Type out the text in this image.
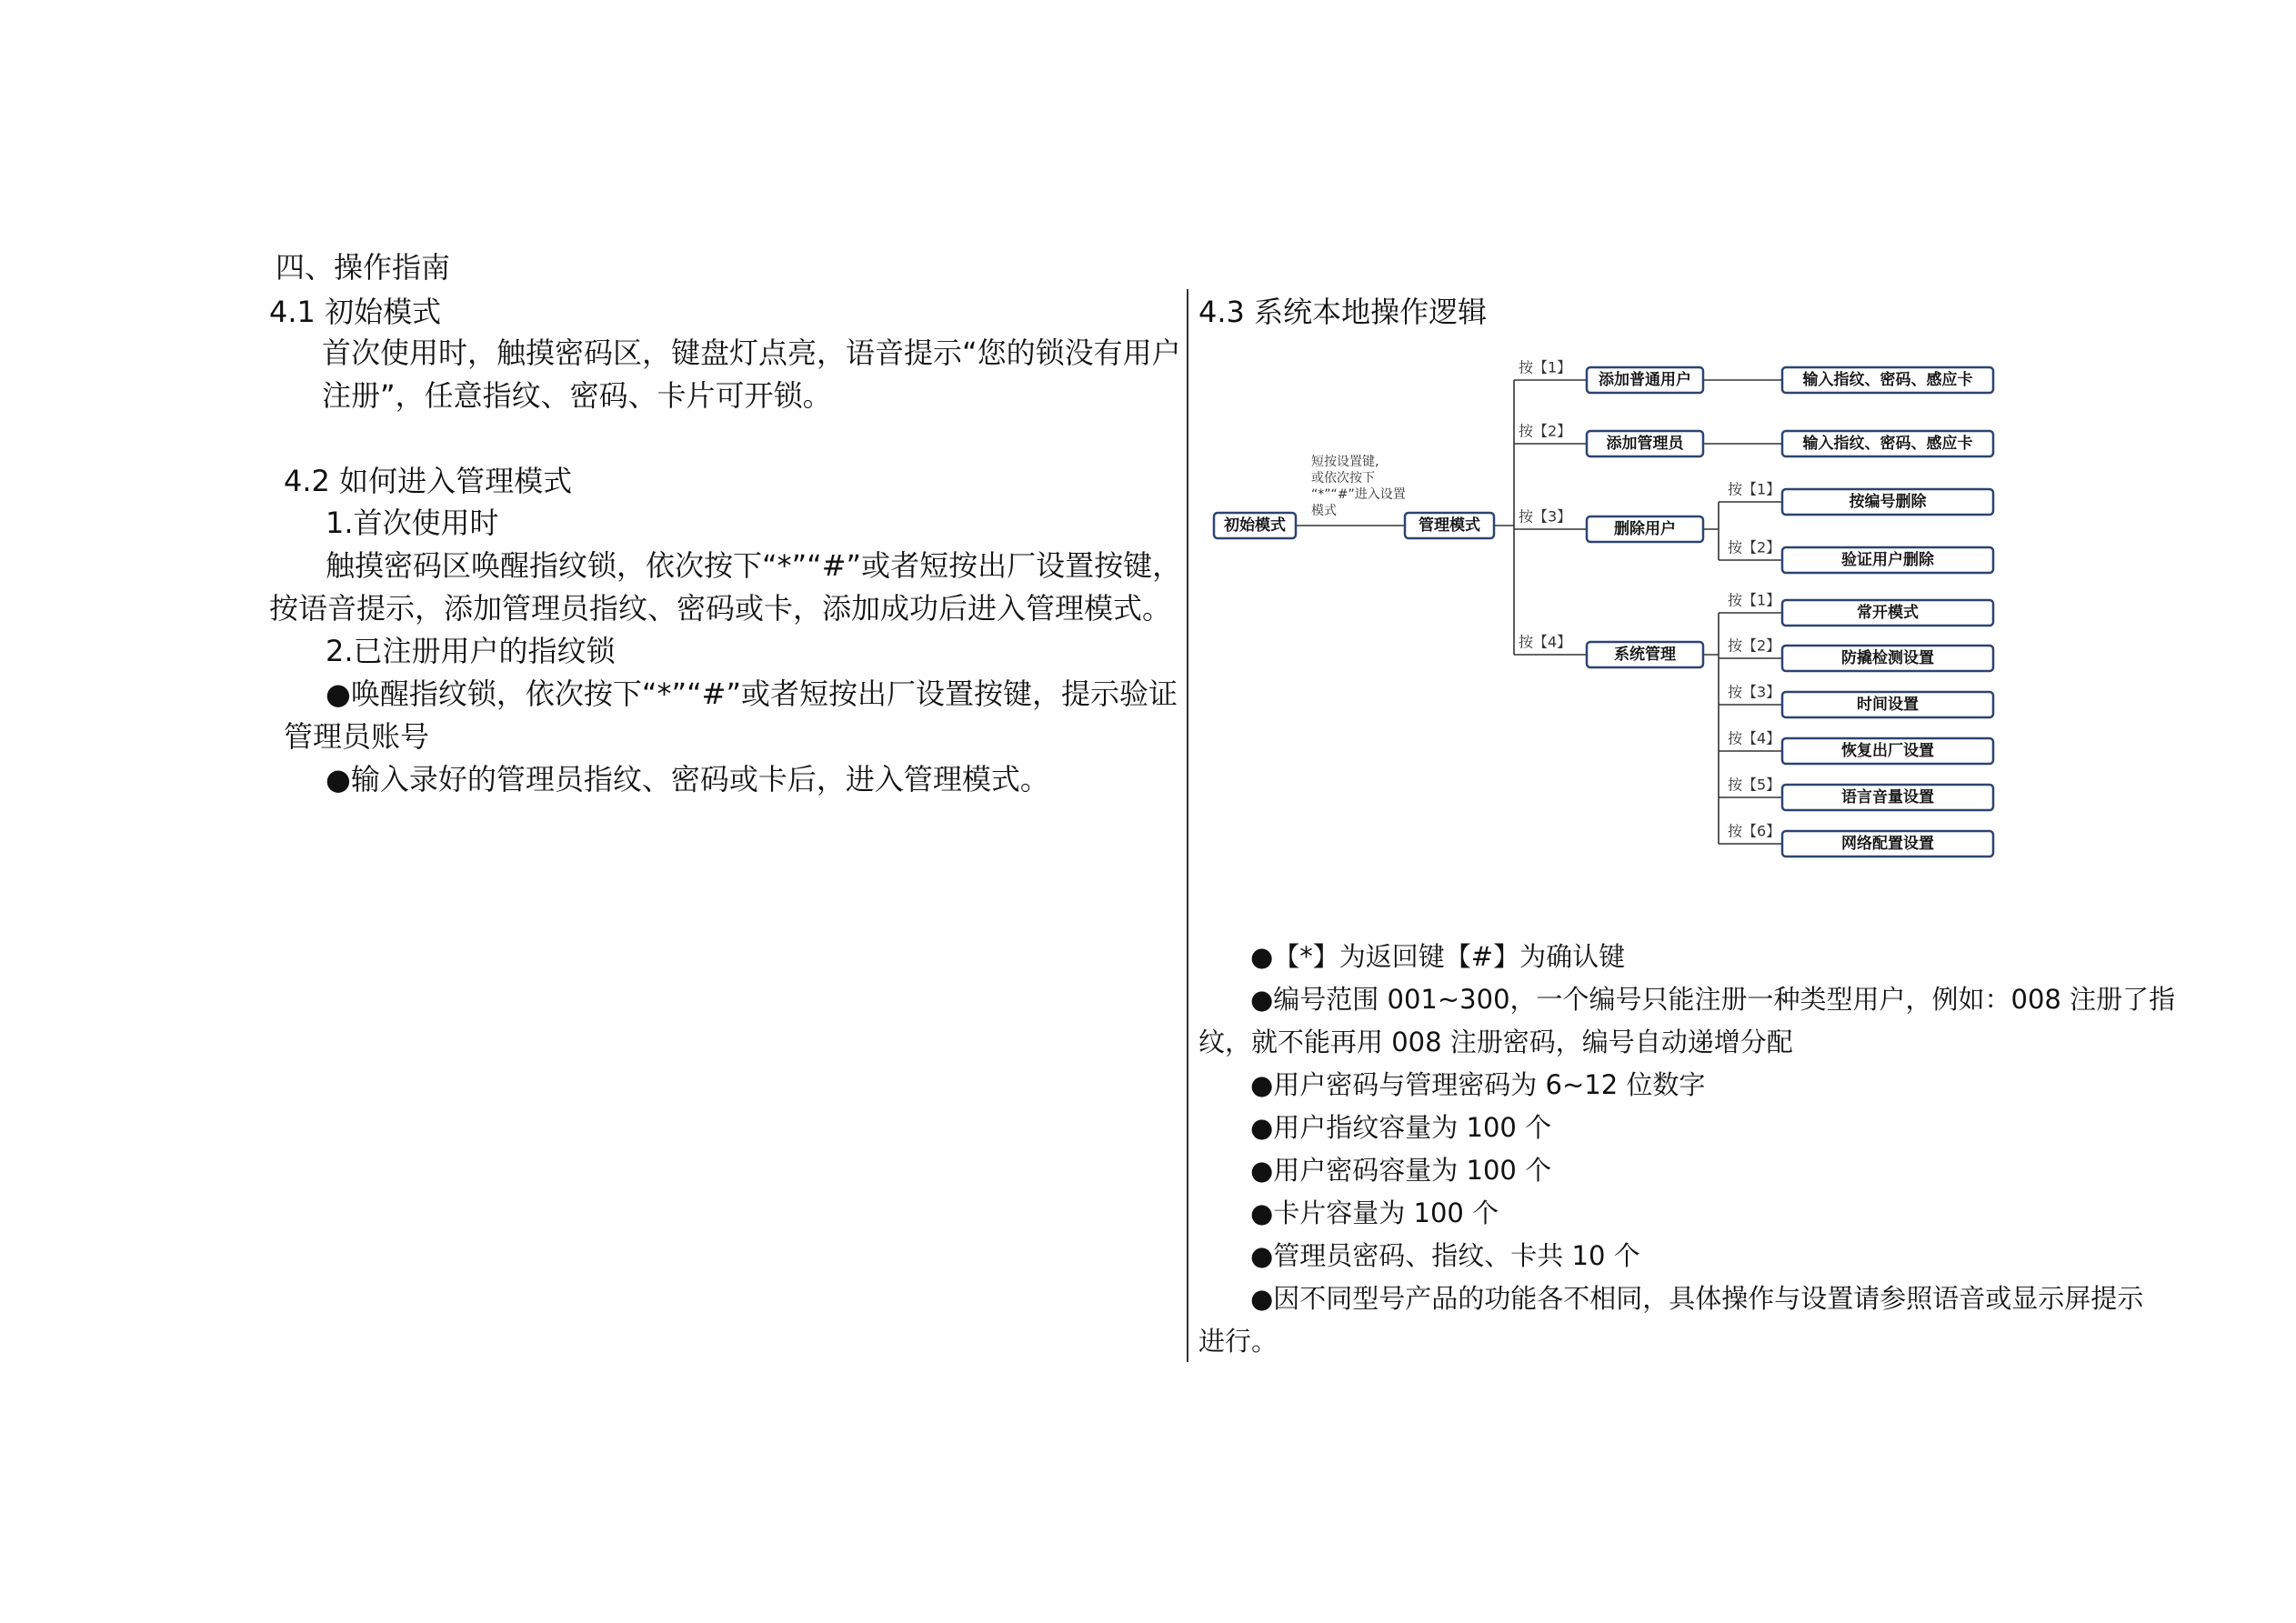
四、操作指南
4.1 初始模式
首次使用时，触摸密码区，键盘灯点亮，语音提示“您的锁没有用户
注册”，任意指纹、密码、卡片可开锁。
4.2 如何进入管理模式
1.首次使用时
触摸密码区唤醒指纹锁，依次按下“*”“#”或者短按出厂设置按键，
按语音提示，添加管理员指纹、密码或卡，添加成功后进入管理模式。
2.已注册用户的指纹锁
●唤醒指纹锁，依次按下“*”“#”或者短按出厂设置按键，提示验证
管理员账号
●输入录好的管理员指纹、密码或卡后，进入管理模式。
4.3 系统本地操作逻辑
初始模式
短按设置键,
或依次按下
“*”“#”进入设置
模式
管理模式
按【1】
按【2】
按【3】
按【4】
添加普通用户
添加管理员
删除用户
系统管理
输入指纹、密码、感应卡
输入指纹、密码、感应卡
按【1】
按编号删除
按【2】
验证用户删除
按【1】
常开模式
按【2】
防撬检测设置
按【3】
时间设置
按【4】
恢复出厂设置
按【5】
语言音量设置
按【6】
网络配置设置
●【*】为返回键【#】为确认键
●编号范围 001~300，一个编号只能注册一种类型用户，例如：008 注册了指
纹，就不能再用 008 注册密码，编号自动递增分配
●用户密码与管理密码为 6~12 位数字
●用户指纹容量为 100 个
●用户密码容量为 100 个
●卡片容量为 100 个
●管理员密码、指纹、卡共 10 个
●因不同型号产品的功能各不相同，具体操作与设置请参照语音或显示屏提示
进行。
